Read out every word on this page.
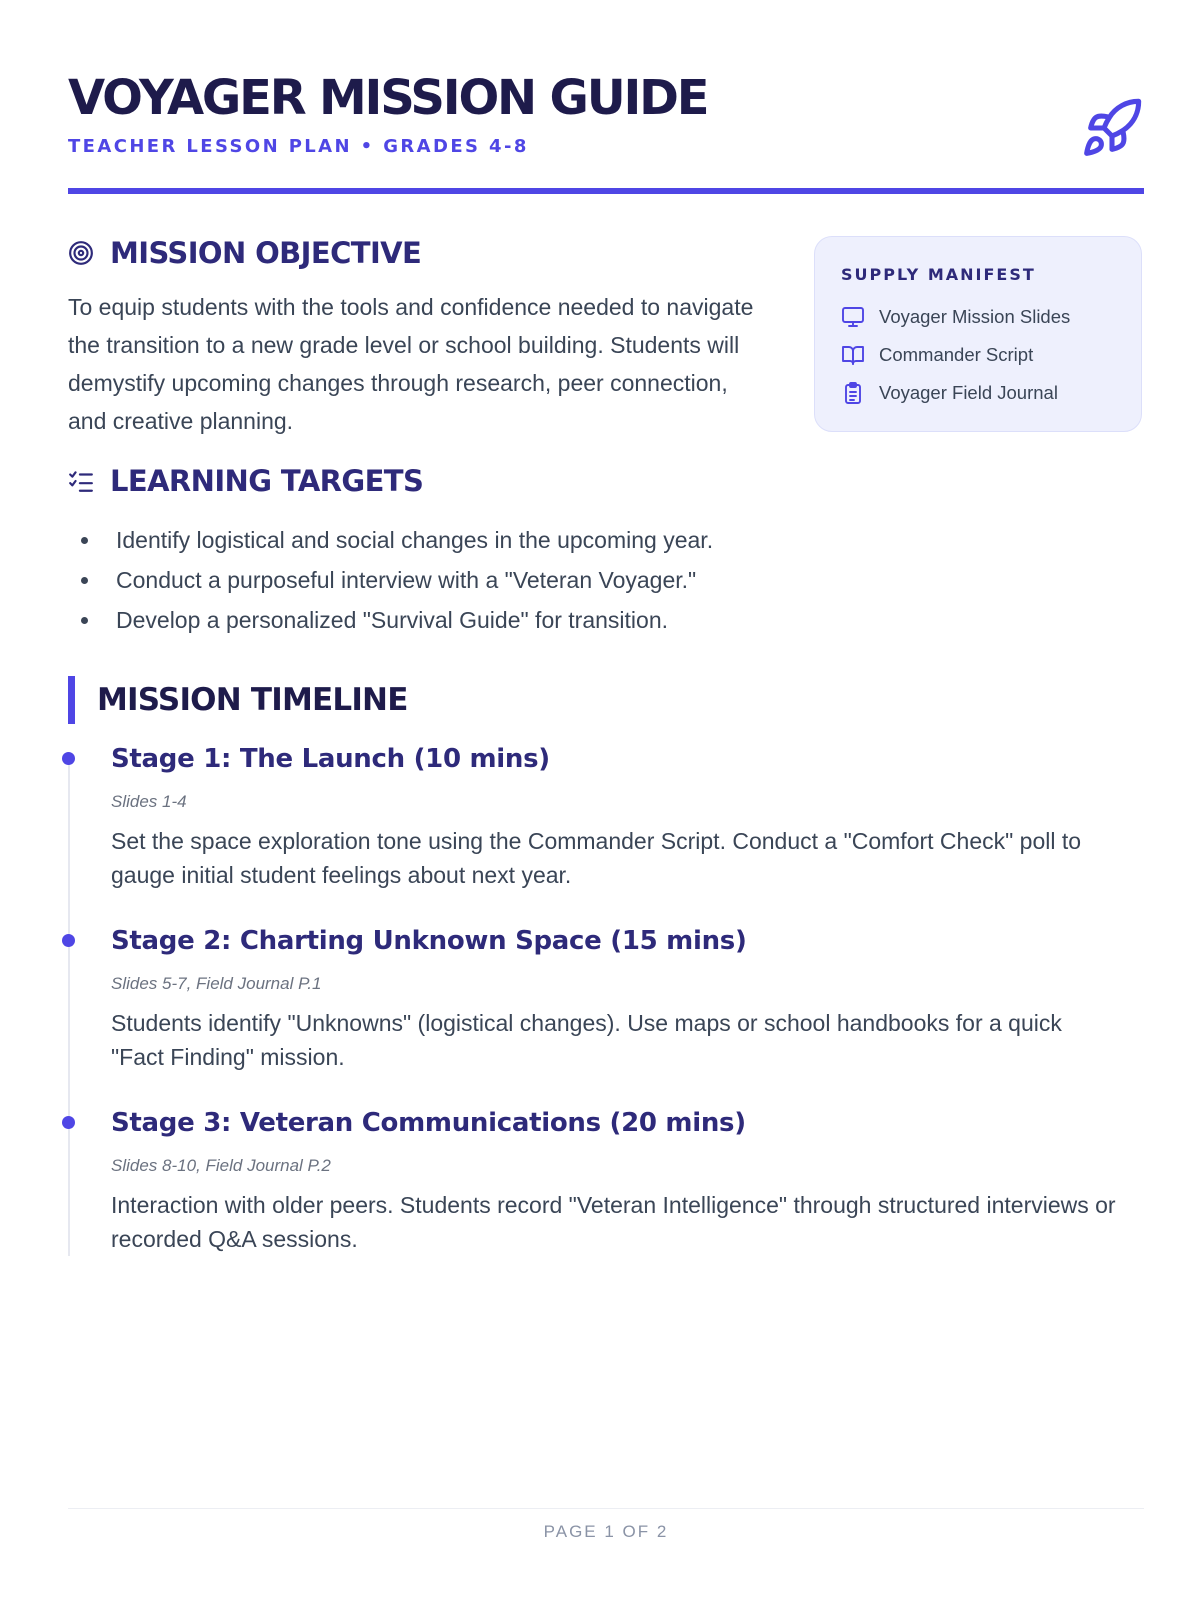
VOYAGER MISSION GUIDE
TEACHER LESSON PLAN • GRADES 4-8
MISSION OBJECTIVE

To equip students with the tools and confidence needed to navigate the transition to a new grade level or school building. Students will demystify upcoming changes through research, peer connection, and creative planning.

SUPPLY MANIFEST
Voyager Mission Slides
Commander Script
Voyager Field Journal
LEARNING TARGETS
Identify logistical and social changes in the upcoming year.
Conduct a purposeful interview with a "Veteran Voyager."
Develop a personalized "Survival Guide" for transition.
MISSION TIMELINE
Stage 1: The Launch (10 mins)
Slides 1-4

Set the space exploration tone using the Commander Script. Conduct a "Comfort Check" poll to gauge initial student feelings about next year.

Stage 2: Charting Unknown Space (15 mins)
Slides 5-7, Field Journal P.1

Students identify "Unknowns" (logistical changes). Use maps or school handbooks for a quick "Fact Finding" mission.

Stage 3: Veteran Communications (20 mins)
Slides 8-10, Field Journal P.2

Interaction with older peers. Students record "Veteran Intelligence" through structured interviews or recorded Q&A sessions.

PAGE 1 OF 2
